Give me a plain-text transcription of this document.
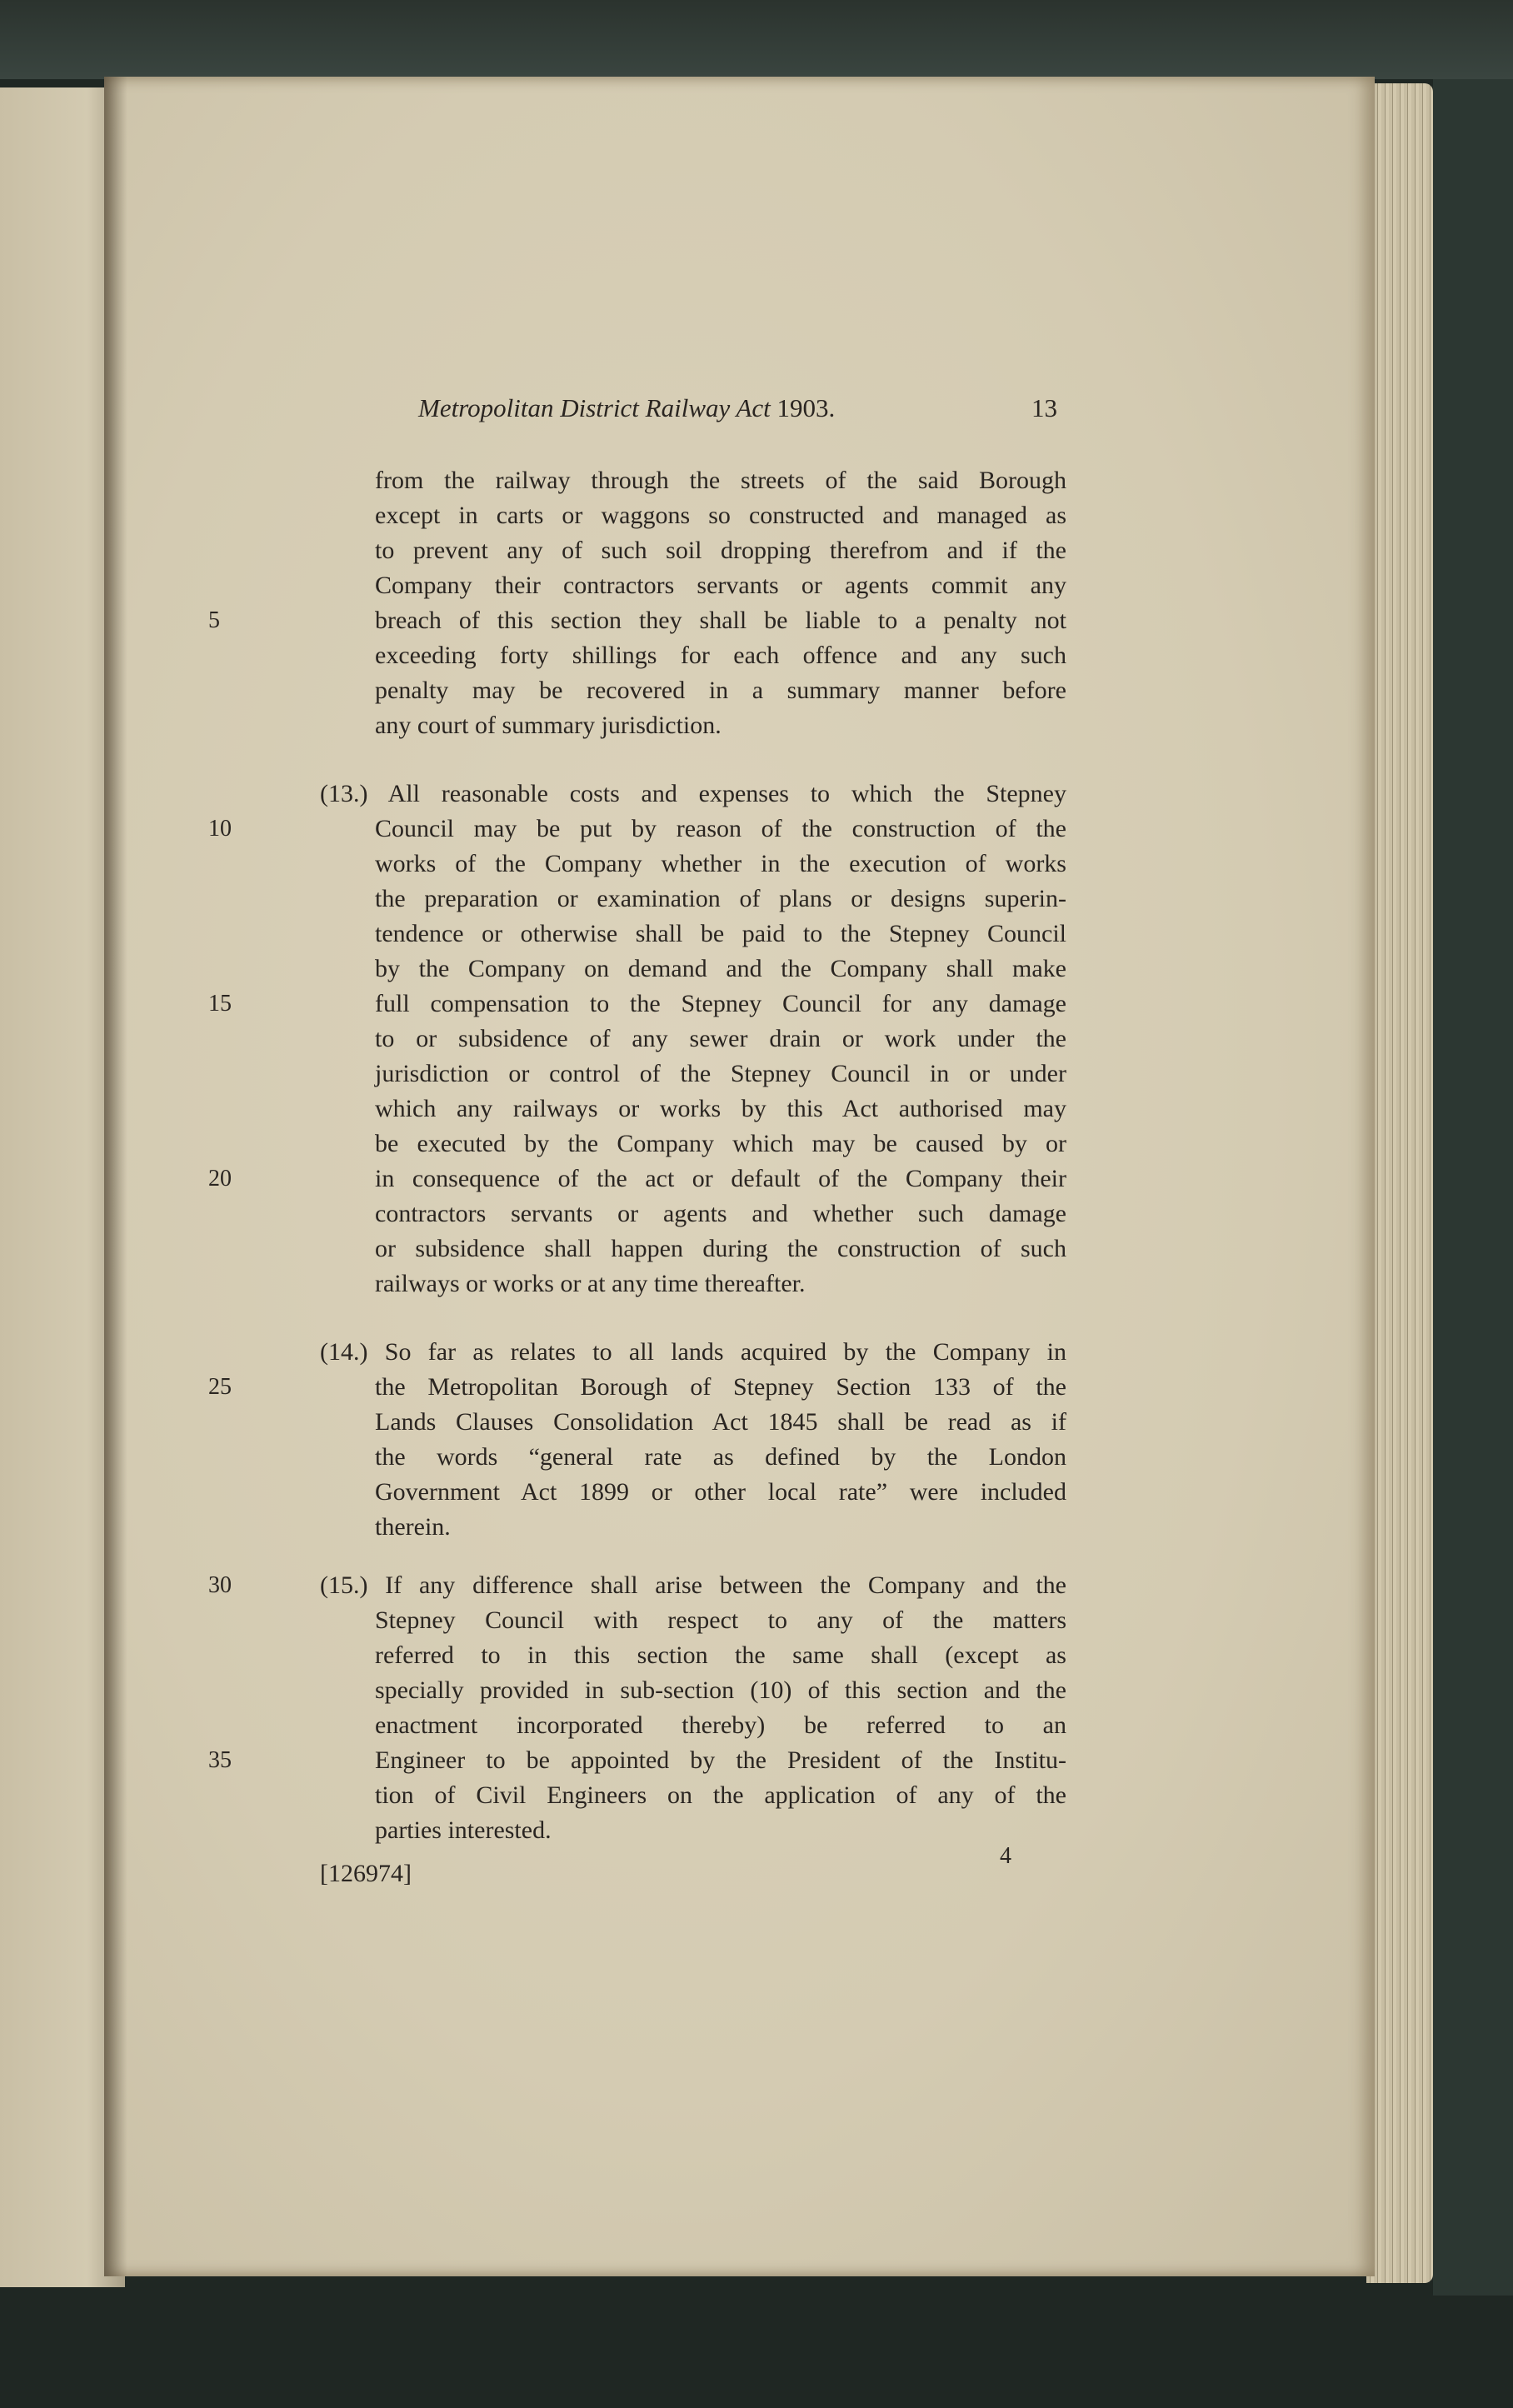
Metropolitan District Railway Act 1903.	13
from the railway through the streets of the said Borough
except in carts or waggons so constructed and managed as
to prevent any of such soil dropping therefrom and if the
Company their contractors servants or agents commit any
breach of this section they shall be liable to a penalty not
5
exceeding forty shillings for each offence and any such
penalty may be recovered in a summary manner before
any court of summary jurisdiction.
(13.) All reasonable costs and expenses to which the Stepney
Council may be put by reason of the construction of the
10
works of the Company whether in the execution of works
the preparation or examination of plans or designs superin-
tendence or otherwise shall be paid to the Stepney Council
by the Company on demand and the Company shall make
full compensation to the Stepney Council for any damage
15
to or subsidence of any sewer drain or work under the
jurisdiction or control of the Stepney Council in or under
which any railways or works by this Act authorised may
be executed by the Company which may be caused by or
in consequence of the act or default of the Company their
20
contractors servants or agents and whether such damage
or subsidence shall happen during the construction of such
railways or works or at any time thereafter.
(14.) So far as relates to all lands acquired by the Company in
the Metropolitan Borough of Stepney Section 133 of the
25
Lands Clauses Consolidation Act 1845 shall be read as if
the words “general rate as defined by the London
Government Act 1899 or other local rate” were included
therein.
(15.) If any difference shall arise between the Company and the
30
Stepney Council with respect to any of the matters
referred to in this section the same shall (except as
specially provided in sub-section (10) of this section and the
enactment incorporated thereby) be referred to an
Engineer to be appointed by the President of the Institu-
35
tion of Civil Engineers on the application of any of the
parties interested.
[126974]
4
